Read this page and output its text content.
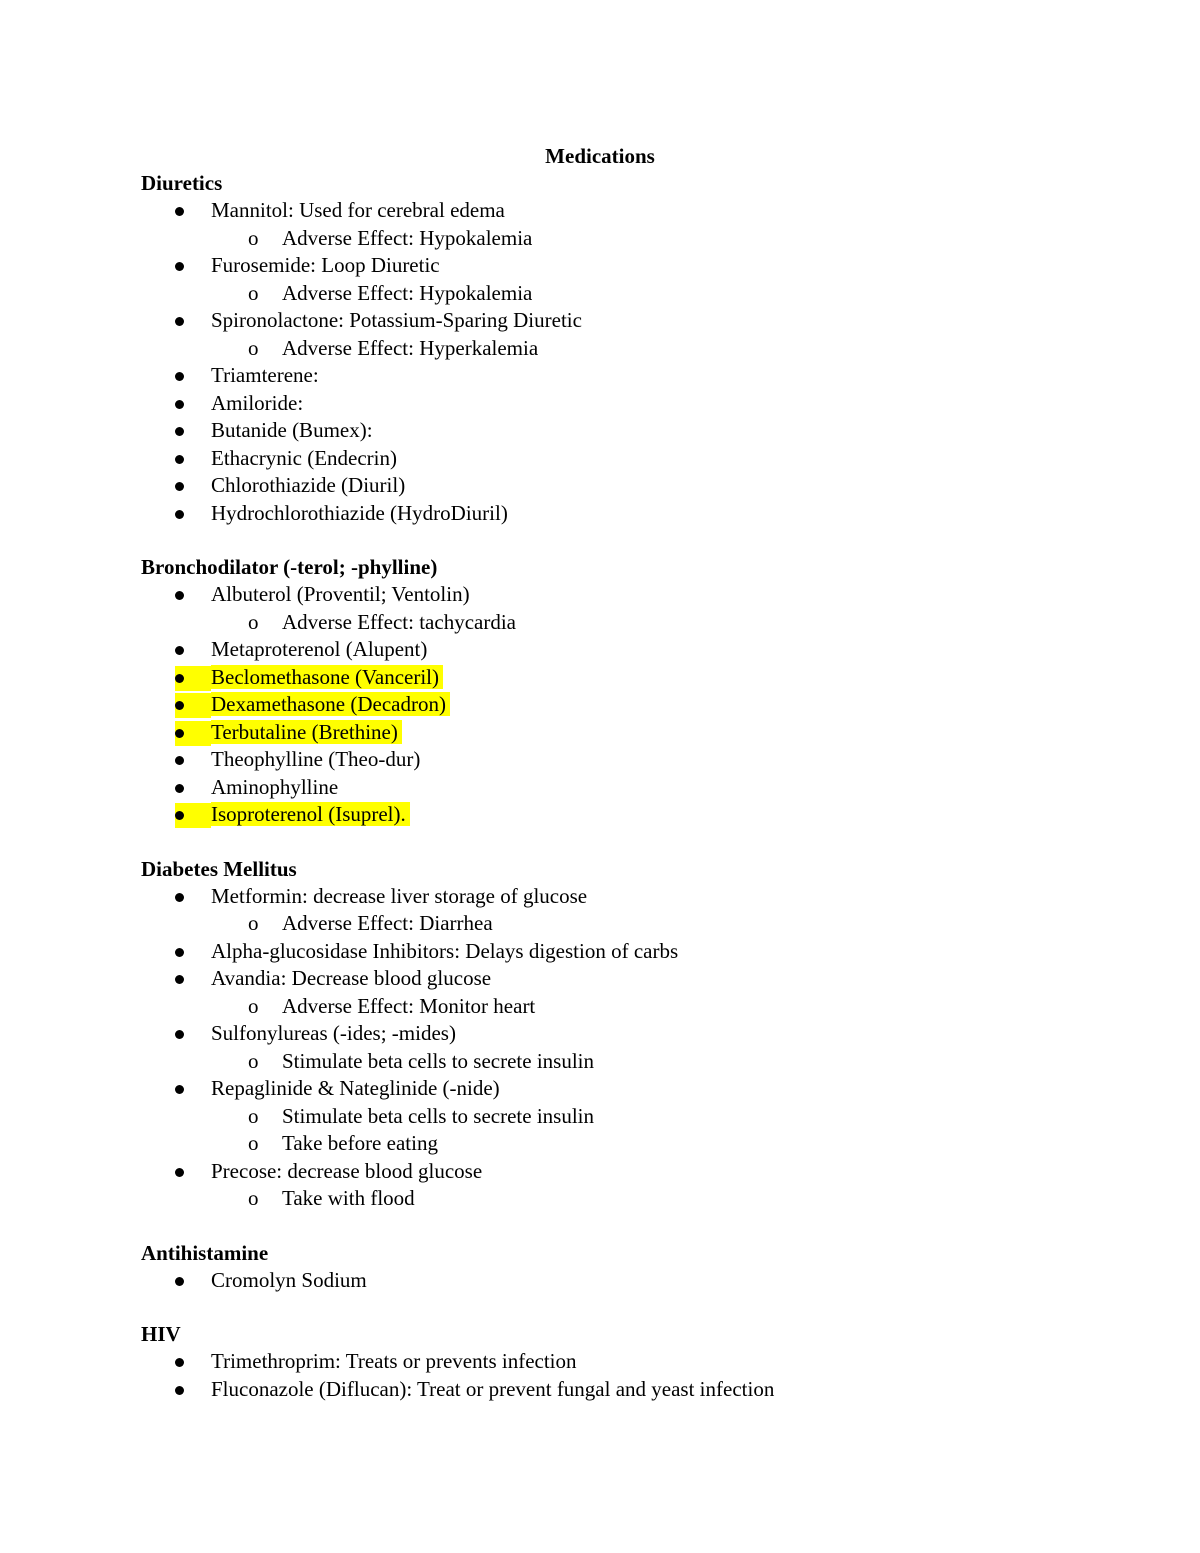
Medications
Diuretics
Mannitol: Used for cerebral edema
o Adverse Effect: Hypokalemia
Furosemide: Loop Diuretic
o Adverse Effect: Hypokalemia
Spironolactone: Potassium-Sparing Diuretic
o Adverse Effect: Hyperkalemia
Triamterene:
Amiloride:
Butanide (Bumex):
Ethacrynic (Endecrin)
Chlorothiazide (Diuril)
Hydrochlorothiazide (HydroDiuril)
Bronchodilator (-terol; -phylline)
Albuterol (Proventil; Ventolin)
o Adverse Effect: tachycardia
Metaproterenol (Alupent)
Beclomethasone (Vanceril)
Dexamethasone (Decadron)
Terbutaline (Brethine)
Theophylline (Theo-dur)
Aminophylline
Isoproterenol (Isuprel).
Diabetes Mellitus
Metformin: decrease liver storage of glucose
o Adverse Effect: Diarrhea
Alpha-glucosidase Inhibitors: Delays digestion of carbs
Avandia: Decrease blood glucose
o Adverse Effect: Monitor heart
Sulfonylureas (-ides; -mides)
o Stimulate beta cells to secrete insulin
Repaglinide & Nateglinide (-nide)
o Stimulate beta cells to secrete insulin
o Take before eating
Precose: decrease blood glucose
o Take with flood
Antihistamine
Cromolyn Sodium
HIV
Trimethroprim: Treats or prevents infection
Fluconazole (Diflucan): Treat or prevent fungal and yeast infection
